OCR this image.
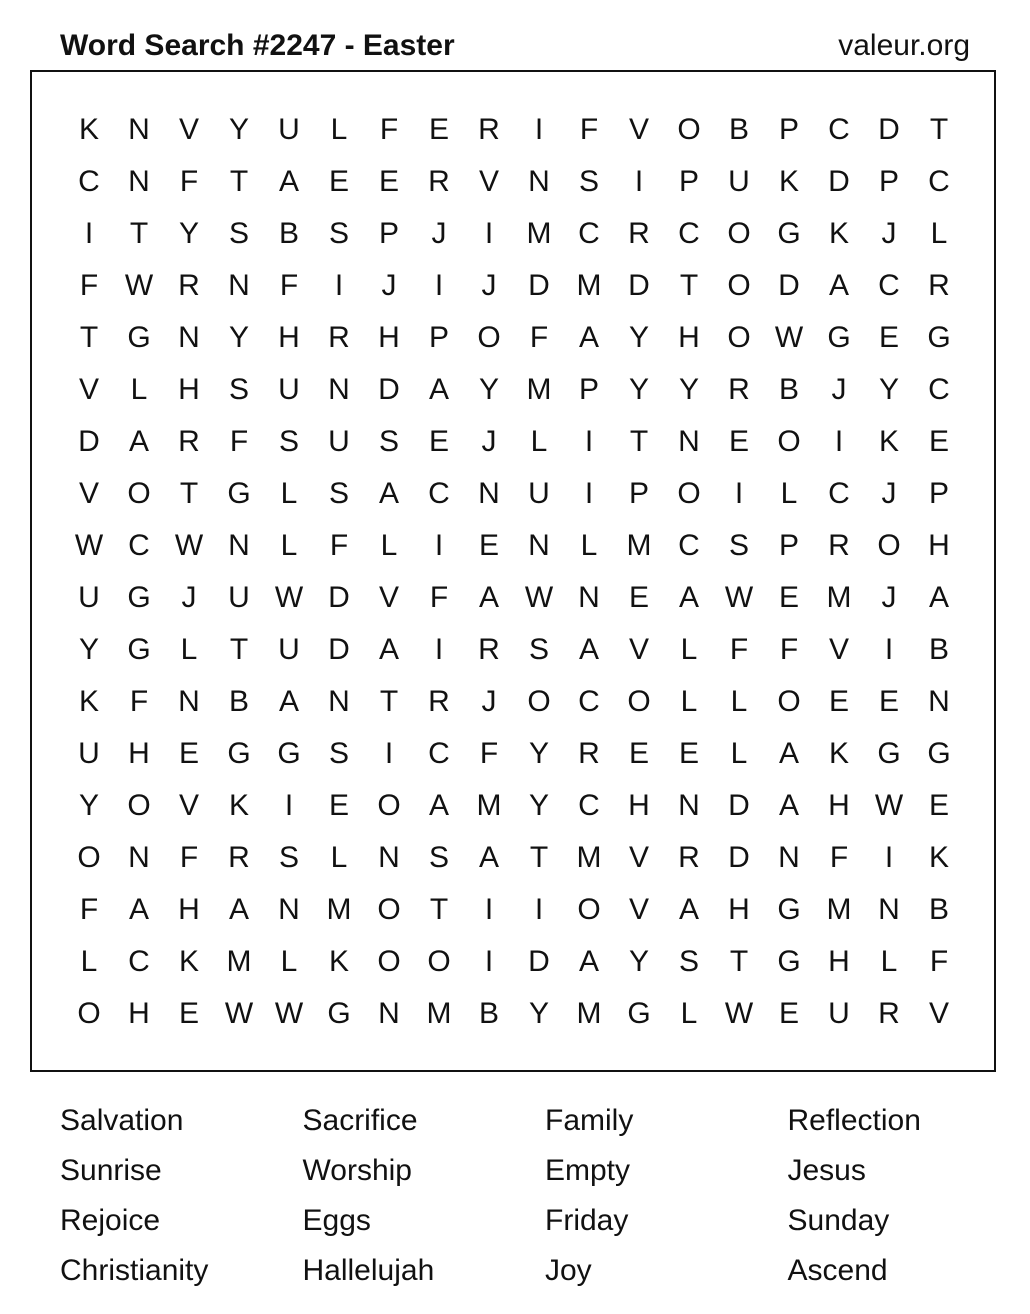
Word Search #2247 - Easter	valeur.org
K N V Y U	L	F	E R	I	F	V O B P C D	T
C N	F	T	A E E R V N S	I	P U K D P C
I	T	Y S B S P	J	I	M C R C O G K	J	L
F W R N	F	I	J	I	J	D M D	T O D A C R
T G N Y H R H P O F	A Y H O W G E G
V	L	H S U N D A Y M P Y Y R B	J	Y C
D A R	F	S U S E	J	L	I	T	N E O	I	K E
V O T G L	S A C N U	I	P O	I	L	C	J	P
W C W N	L	F	L	I	E N	L M C S P R O H
U G	J	U W D V	F	A W N E A W E M	J	A
Y G L	T	U D A	I	R S A V	L	F	F	V	I	B
K	F	N B A N	T	R	J	O C O L	L O E E N
U H E G G S	I	C	F	Y R E E	L	A K G G
Y O V K	I	E O A M Y C H N D A H W E
O N	F	R S	L	N S A	T M V R D N	F	I	K
F	A H A N M O T	I	I	O V A H G M N B
L	C K M L	K O O	I	D A Y S	T G H	L	F
O H E W W G N M B Y M G L W E U R V
Salvation	Sacrifice	Family	Reflection
Sunrise	Worship	Empty	Jesus
Rejoice	Eggs	Friday	Sunday
Christianity	Hallelujah	Joy	Ascend
